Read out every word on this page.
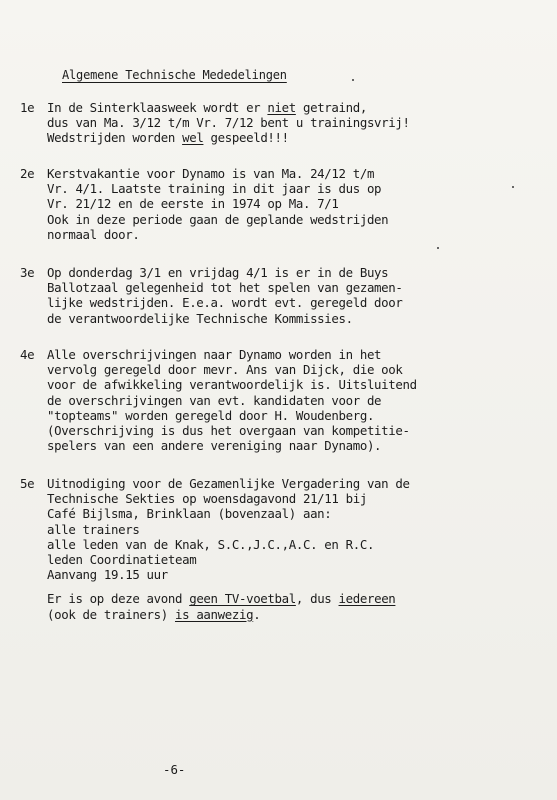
Algemene Technische Mededelingen
1e	In de Sinterklaasweek wordt er niet getraind,
dus van Ma. 3/12 t/m Vr. 7/12 bent u trainingsvrij!
Wedstrijden worden wel gespeeld!!!
2e	Kerstvakantie voor Dynamo is van Ma. 24/12 t/m
Vr. 4/1. Laatste training in dit jaar is dus op
Vr. 21/12 en de eerste in 1974 op Ma. 7/1
Ook in deze periode gaan de geplande wedstrijden
normaal door.
3e	Op donderdag 3/1 en vrijdag 4/1 is er in de Buys
Ballotzaal gelegenheid tot het spelen van gezamen-
lijke wedstrijden. E.e.a. wordt evt. geregeld door
de verantwoordelijke Technische Kommissies.
4e	Alle overschrijvingen naar Dynamo worden in het
vervolg geregeld door mevr. Ans van Dijck, die ook
voor de afwikkeling verantwoordelijk is. Uitsluitend
de overschrijvingen van evt. kandidaten voor de
"topteams" worden geregeld door H. Woudenberg.
(Overschrijving is dus het overgaan van kompetitie-
spelers van een andere vereniging naar Dynamo).
5e	Uitnodiging voor de Gezamenlijke Vergadering van de
Technische Sekties op woensdagavond 21/11 bij
Café Bijlsma, Brinklaan (bovenzaal) aan:
alle trainers
alle leden van de Knak, S.C.,J.C.,A.C. en R.C.
leden Coordinatieteam
Aanvang 19.15 uur
Er is op deze avond geen TV-voetbal, dus iedereen
(ook de trainers) is aanwezig.
-6-
